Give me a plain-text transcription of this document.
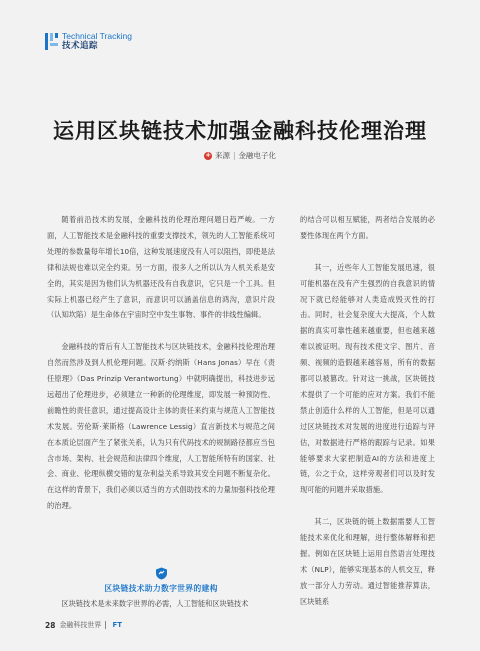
Technical Tracking
技术追踪
运用区块链技术加强金融科技伦理治理
+
来源 | 金融电子化

随着前沿技术的发展，金融科技的伦理治理问题日趋严峻。一方面，人工智能技术是金融科技的重要支撑技术，领先的人工智能系统可处理的参数量每年增长10倍，这种发展速度没有人可以阻挡，即使是法律和法规也难以完全约束。另一方面，很多人之所以认为人机关系是安全的，其实是因为他们认为机器还没有自我意识，它只是一个工具。但实际上机器已经产生了意识，而意识可以涵盖信息的鸿沟，意识片段（认知坎陷）是生命体在宇宙时空中发生事物、事件的非线性编辑。

金融科技的背后有人工智能技术与区块链技术，金融科技伦理治理自然而然涉及到人机伦理问题。汉斯·约纳斯（Hans Jonas）早在《责任原理》（Das Prinzip Verantwortung）中就明确提出，科技进步远远超出了伦理进步，必须建立一种新的伦理维度，即发展一种预防性、前瞻性的责任意识，通过提高设计主体的责任来约束与规范人工智能技术发展。劳伦斯·莱斯格（Lawrence Lessig）直言新技术与规范之间在本质论层面产生了紧张关系，认为只有代码技术的规制路径都应当包含市场、架构、社会规范和法律四个维度，人工智能所特有的国家、社会、商业、伦理纵横交错的复杂利益关系导致其安全问题不断复杂化。在这样的背景下，我们必须以适当的方式倡助技术的力量加强科技伦理的治理。

的结合可以相互赋能，两者结合发展的必要性体现在两个方面。

其一，近些年人工智能发展迅速，很可能机器在没有产生强烈的自我意识的情况下就已经能够对人类造成毁灭性的打击。同时，社会复杂度大大提高，个人数据的真实可靠性越来越重要，但也越来越难以被证明。现有技术使文字、图片、音频、视频的造假越来越容易，所有的数据都可以被篡改。针对这一挑战，区块链技术提供了一个可能的应对方案。我们不能禁止创造什么样的人工智能，但是可以通过区块链技术对发展的进度进行追踪与评估，对数据进行严格的跟踪与记录。如果能够要求大家把制造AI的方法和进度上链，公之于众，这样旁观者们可以及时发现可能的问题并采取措施。

其二，区块链的链上数据需要人工智能技术来优化和理解，进行整体解释和把握。例如在区块链上运用自然语言处理技术（NLP），能够实现基本的人机交互，释放一部分人力劳动。通过智能推荐算法，区块链系

区块链技术助力数字世界的建构

区块链技术是未来数字世界的必需，人工智能和区块链技术

28 金融科技世界 FT
